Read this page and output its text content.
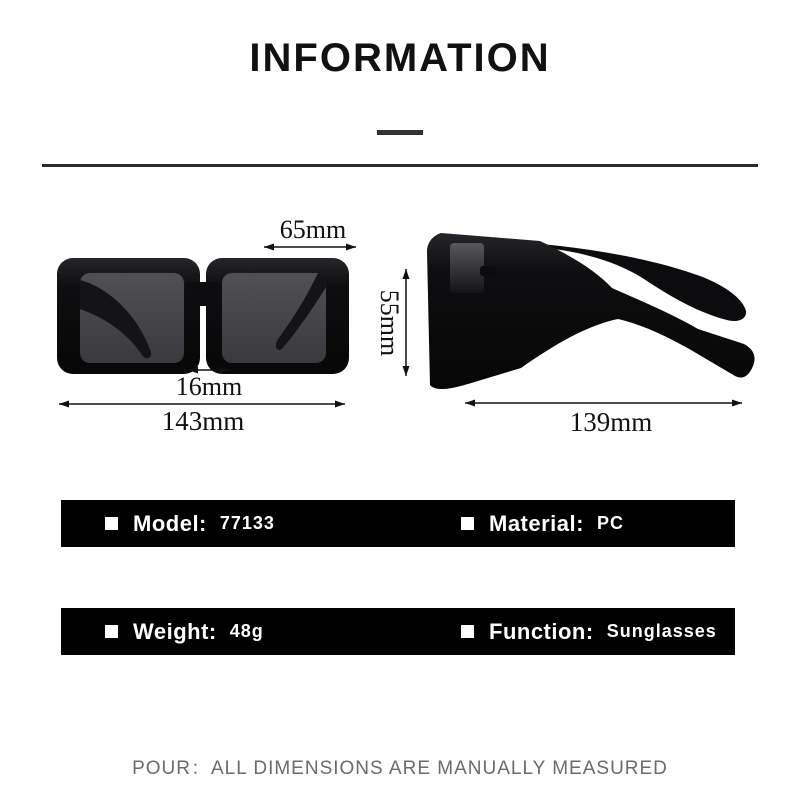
INFORMATION
65mm
16mm
143mm
55mm
139mm
Model: 77133	Material: PC
Weight: 48g	Function: Sunglasses
POUR：ALL DIMENSIONS ARE MANUALLY MEASURED
